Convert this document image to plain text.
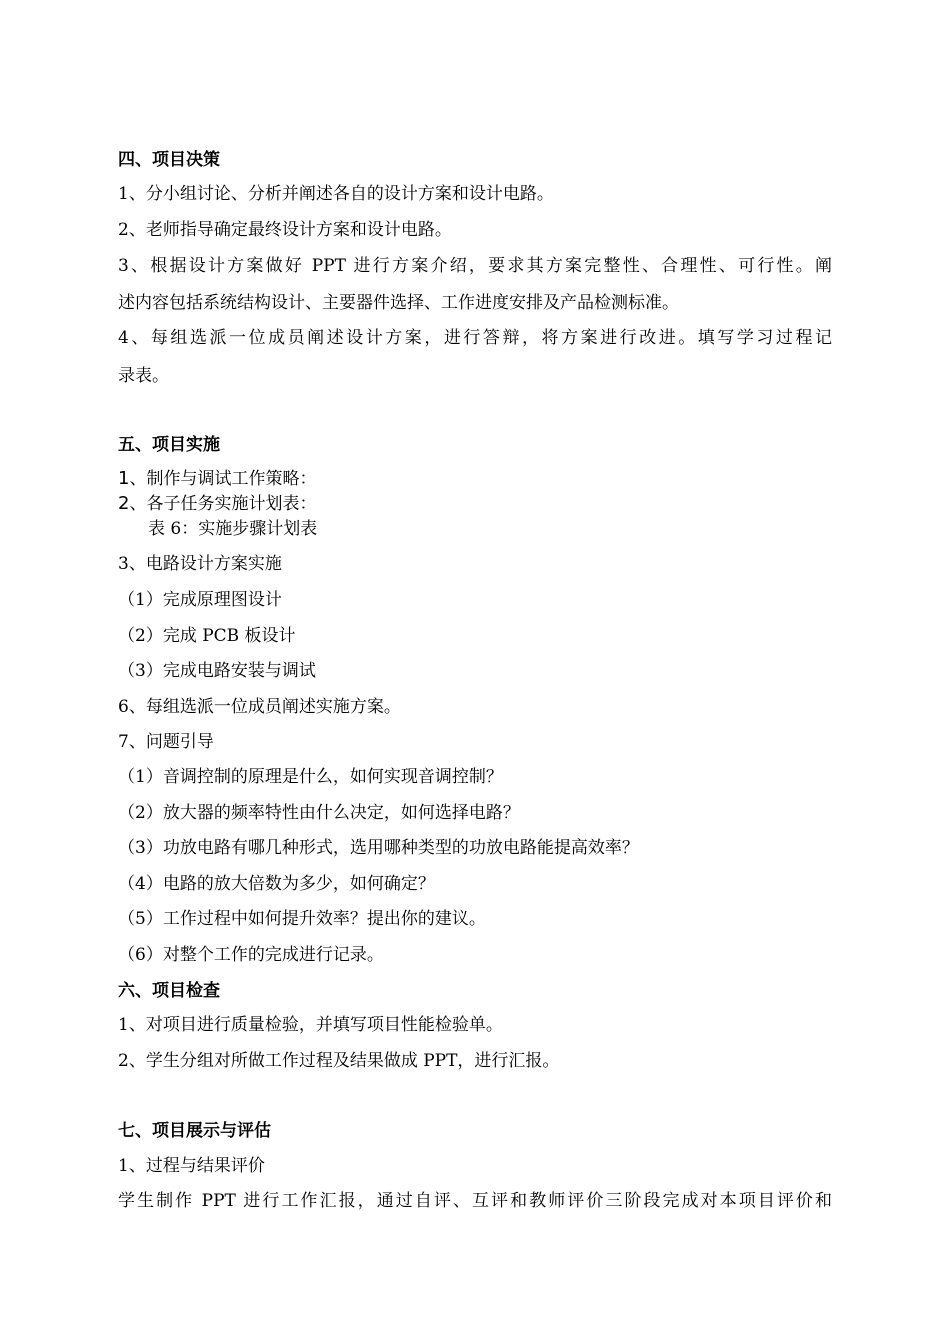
四、项目决策
1、分小组讨论、分析并阐述各自的设计方案和设计电路。
2、老师指导确定最终设计方案和设计电路。
3、根据设计方案做好 PPT 进行方案介绍，要求其方案完整性、合理性、可行性。阐
述内容包括系统结构设计、主要器件选择、工作进度安排及产品检测标准。
4、每组选派一位成员阐述设计方案，进行答辩，将方案进行改进。填写学习过程记
录表。
五、项目实施
1、制作与调试工作策略：
2、各子任务实施计划表：
表 6：实施步骤计划表
3、电路设计方案实施
（1）完成原理图设计
（2）完成 PCB 板设计
（3）完成电路安装与调试
6、每组选派一位成员阐述实施方案。
7、问题引导
（1）音调控制的原理是什么，如何实现音调控制？
（2）放大器的频率特性由什么决定，如何选择电路？
（3）功放电路有哪几种形式，选用哪种类型的功放电路能提高效率？
（4）电路的放大倍数为多少，如何确定？
（5）工作过程中如何提升效率？提出你的建议。
（6）对整个工作的完成进行记录。
六、项目检查
1、对项目进行质量检验，并填写项目性能检验单。
2、学生分组对所做工作过程及结果做成 PPT，进行汇报。
七、项目展示与评估
1、过程与结果评价
学生制作 PPT 进行工作汇报，通过自评、互评和教师评价三阶段完成对本项目评价和
